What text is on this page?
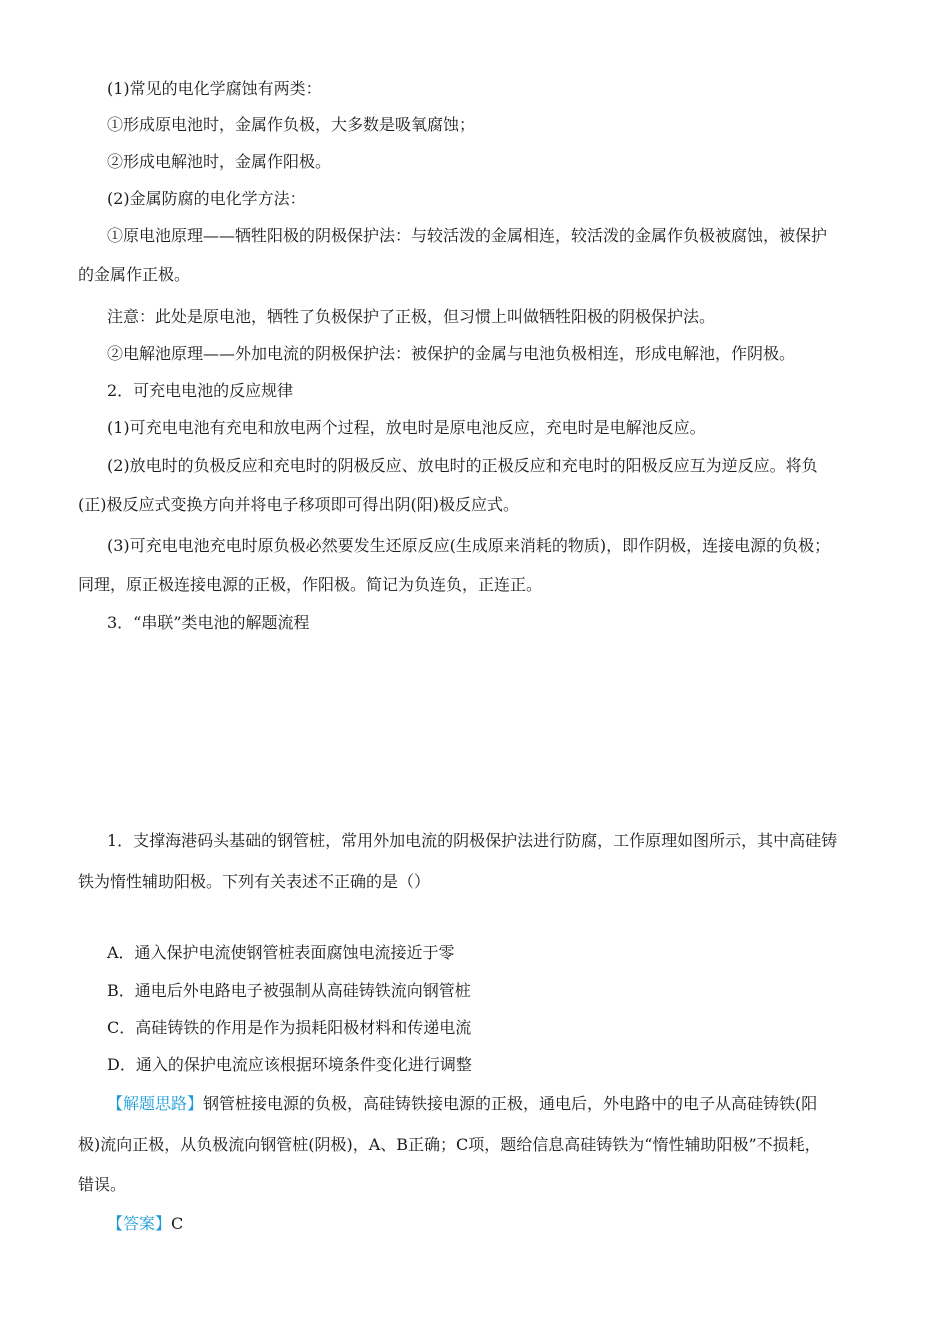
(1)常见的电化学腐蚀有两类：
①形成原电池时，金属作负极，大多数是吸氧腐蚀；
②形成电解池时，金属作阳极。
(2)金属防腐的电化学方法：
①原电池原理——牺牲阳极的阴极保护法：与较活泼的金属相连，较活泼的金属作负极被腐蚀，被保护
的金属作正极。
注意：此处是原电池，牺牲了负极保护了正极，但习惯上叫做牺牲阳极的阴极保护法。
②电解池原理——外加电流的阴极保护法：被保护的金属与电池负极相连，形成电解池，作阴极。
2．可充电电池的反应规律
(1)可充电电池有充电和放电两个过程，放电时是原电池反应，充电时是电解池反应。
(2)放电时的负极反应和充电时的阴极反应、放电时的正极反应和充电时的阳极反应互为逆反应。将负
(正)极反应式变换方向并将电子移项即可得出阴(阳)极反应式。
(3)可充电电池充电时原负极必然要发生还原反应(生成原来消耗的物质)，即作阴极，连接电源的负极；
同理，原正极连接电源的正极，作阳极。简记为负连负，正连正。
3．“串联”类电池的解题流程
1．支撑海港码头基础的钢管桩，常用外加电流的阴极保护法进行防腐，工作原理如图所示，其中高硅铸
铁为惰性辅助阳极。下列有关表述不正确的是（）
A．通入保护电流使钢管桩表面腐蚀电流接近于零
B．通电后外电路电子被强制从高硅铸铁流向钢管桩
C．高硅铸铁的作用是作为损耗阳极材料和传递电流
D．通入的保护电流应该根据环境条件变化进行调整
【解题思路】钢管桩接电源的负极，高硅铸铁接电源的正极，通电后，外电路中的电子从高硅铸铁(阳
极)流向正极，从负极流向钢管桩(阴极)，A、B正确；C项，题给信息高硅铸铁为“惰性辅助阳极”不损耗，
错误。
【答案】C
